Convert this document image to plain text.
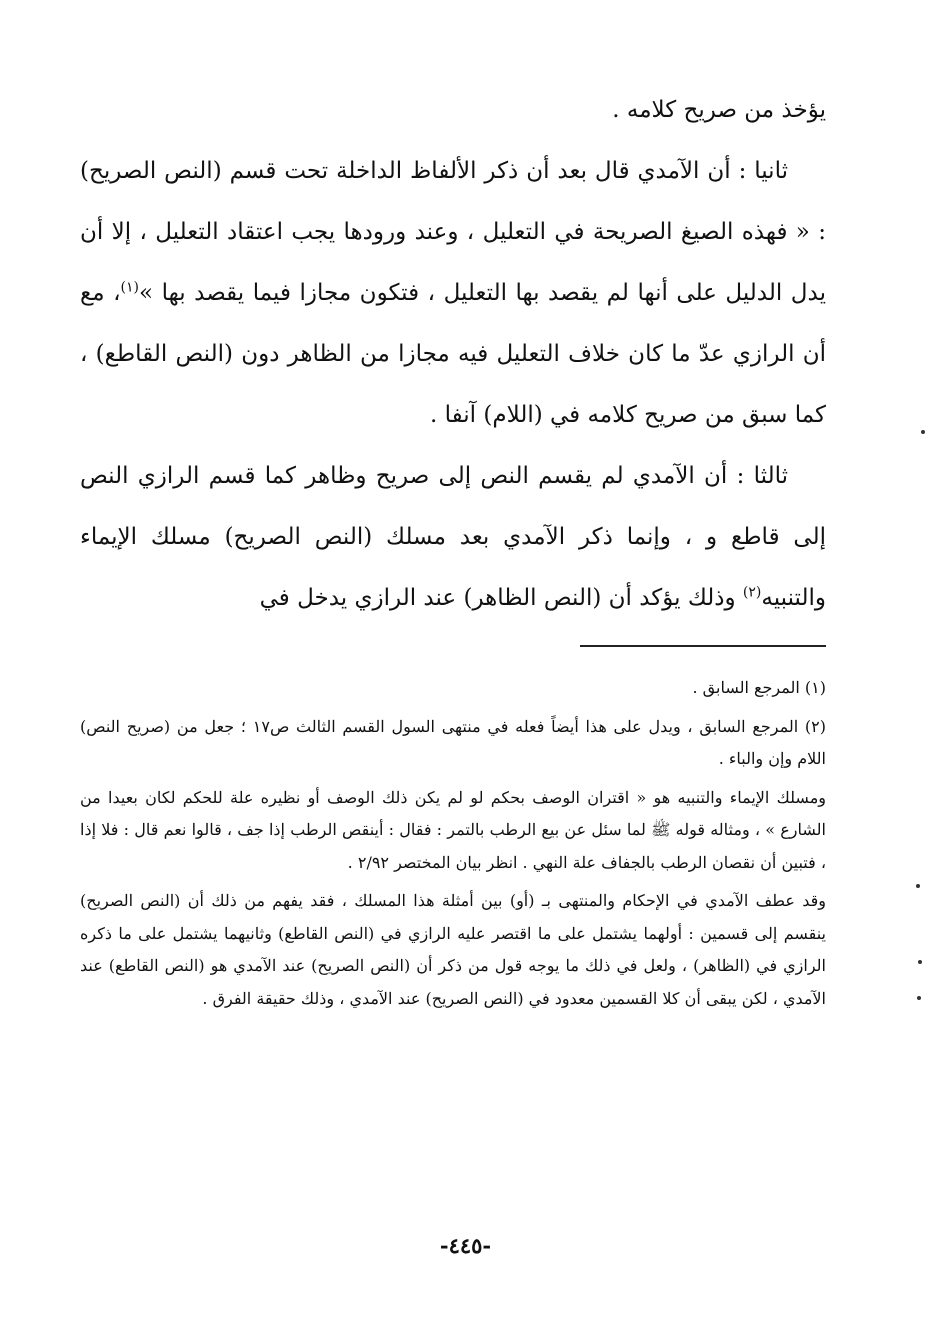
يؤخذ من صريح كلامه .

ثانيا : أن الآمدي قال بعد أن ذكر الألفاظ الداخلة تحت قسم (النص الصريح) : « فهذه الصيغ الصريحة في التعليل ، وعند ورودها يجب اعتقاد التعليل ، إلا أن يدل الدليل على أنها لم يقصد بها التعليل ، فتكون مجازا فيما يقصد بها »$^{(١)}$، مع أن الرازي عدّ ما كان خلاف التعليل فيه مجازا من الظاهر دون (النص القاطع) ، كما سبق من صريح كلامه في (اللام) آنفا .

ثالثا : أن الآمدي لم يقسم النص إلى صريح وظاهر كما قسم الرازي النص إلى قاطع و ، وإنما ذكر الآمدي بعد مسلك (النص الصريح) مسلك الإيماء والتنبيه$^{(٢)}$ وذلك يؤكد أن (النص الظاهر) عند الرازي يدخل في

(١) المرجع السابق .

(٢) المرجع السابق ، ويدل على هذا أيضاً فعله في منتهى السول القسم الثالث ص١٧ ؛ جعل من (صريح النص) اللام وإن والباء .

ومسلك الإيماء والتنبيه هو « اقتران الوصف بحكم لو لم يكن ذلك الوصف أو نظيره علة للحكم لكان بعيدا من الشارع » ، ومثاله قوله ﷺ لما سئل عن بيع الرطب بالتمر : فقال : أينقص الرطب إذا جف ، قالوا نعم قال : فلا إذا ، فتبين أن نقصان الرطب بالجفاف علة النهي . انظر بيان المختصر ٢/٩٢ .

وقد عطف الآمدي في الإحكام والمنتهى بـ (أو) بين أمثلة هذا المسلك ، فقد يفهم من ذلك أن (النص الصريح) ينقسم إلى قسمين : أولهما يشتمل على ما اقتصر عليه الرازي في (النص القاطع) وثانيهما يشتمل على ما ذكره الرازي في (الظاهر) ، ولعل في ذلك ما يوجه قول من ذكر أن (النص الصريح) عند الآمدي هو (النص القاطع) عند الآمدي ، لكن يبقى أن كلا القسمين معدود في (النص الصريح) عند الآمدي ، وذلك حقيقة الفرق .

-٤٤٥-
